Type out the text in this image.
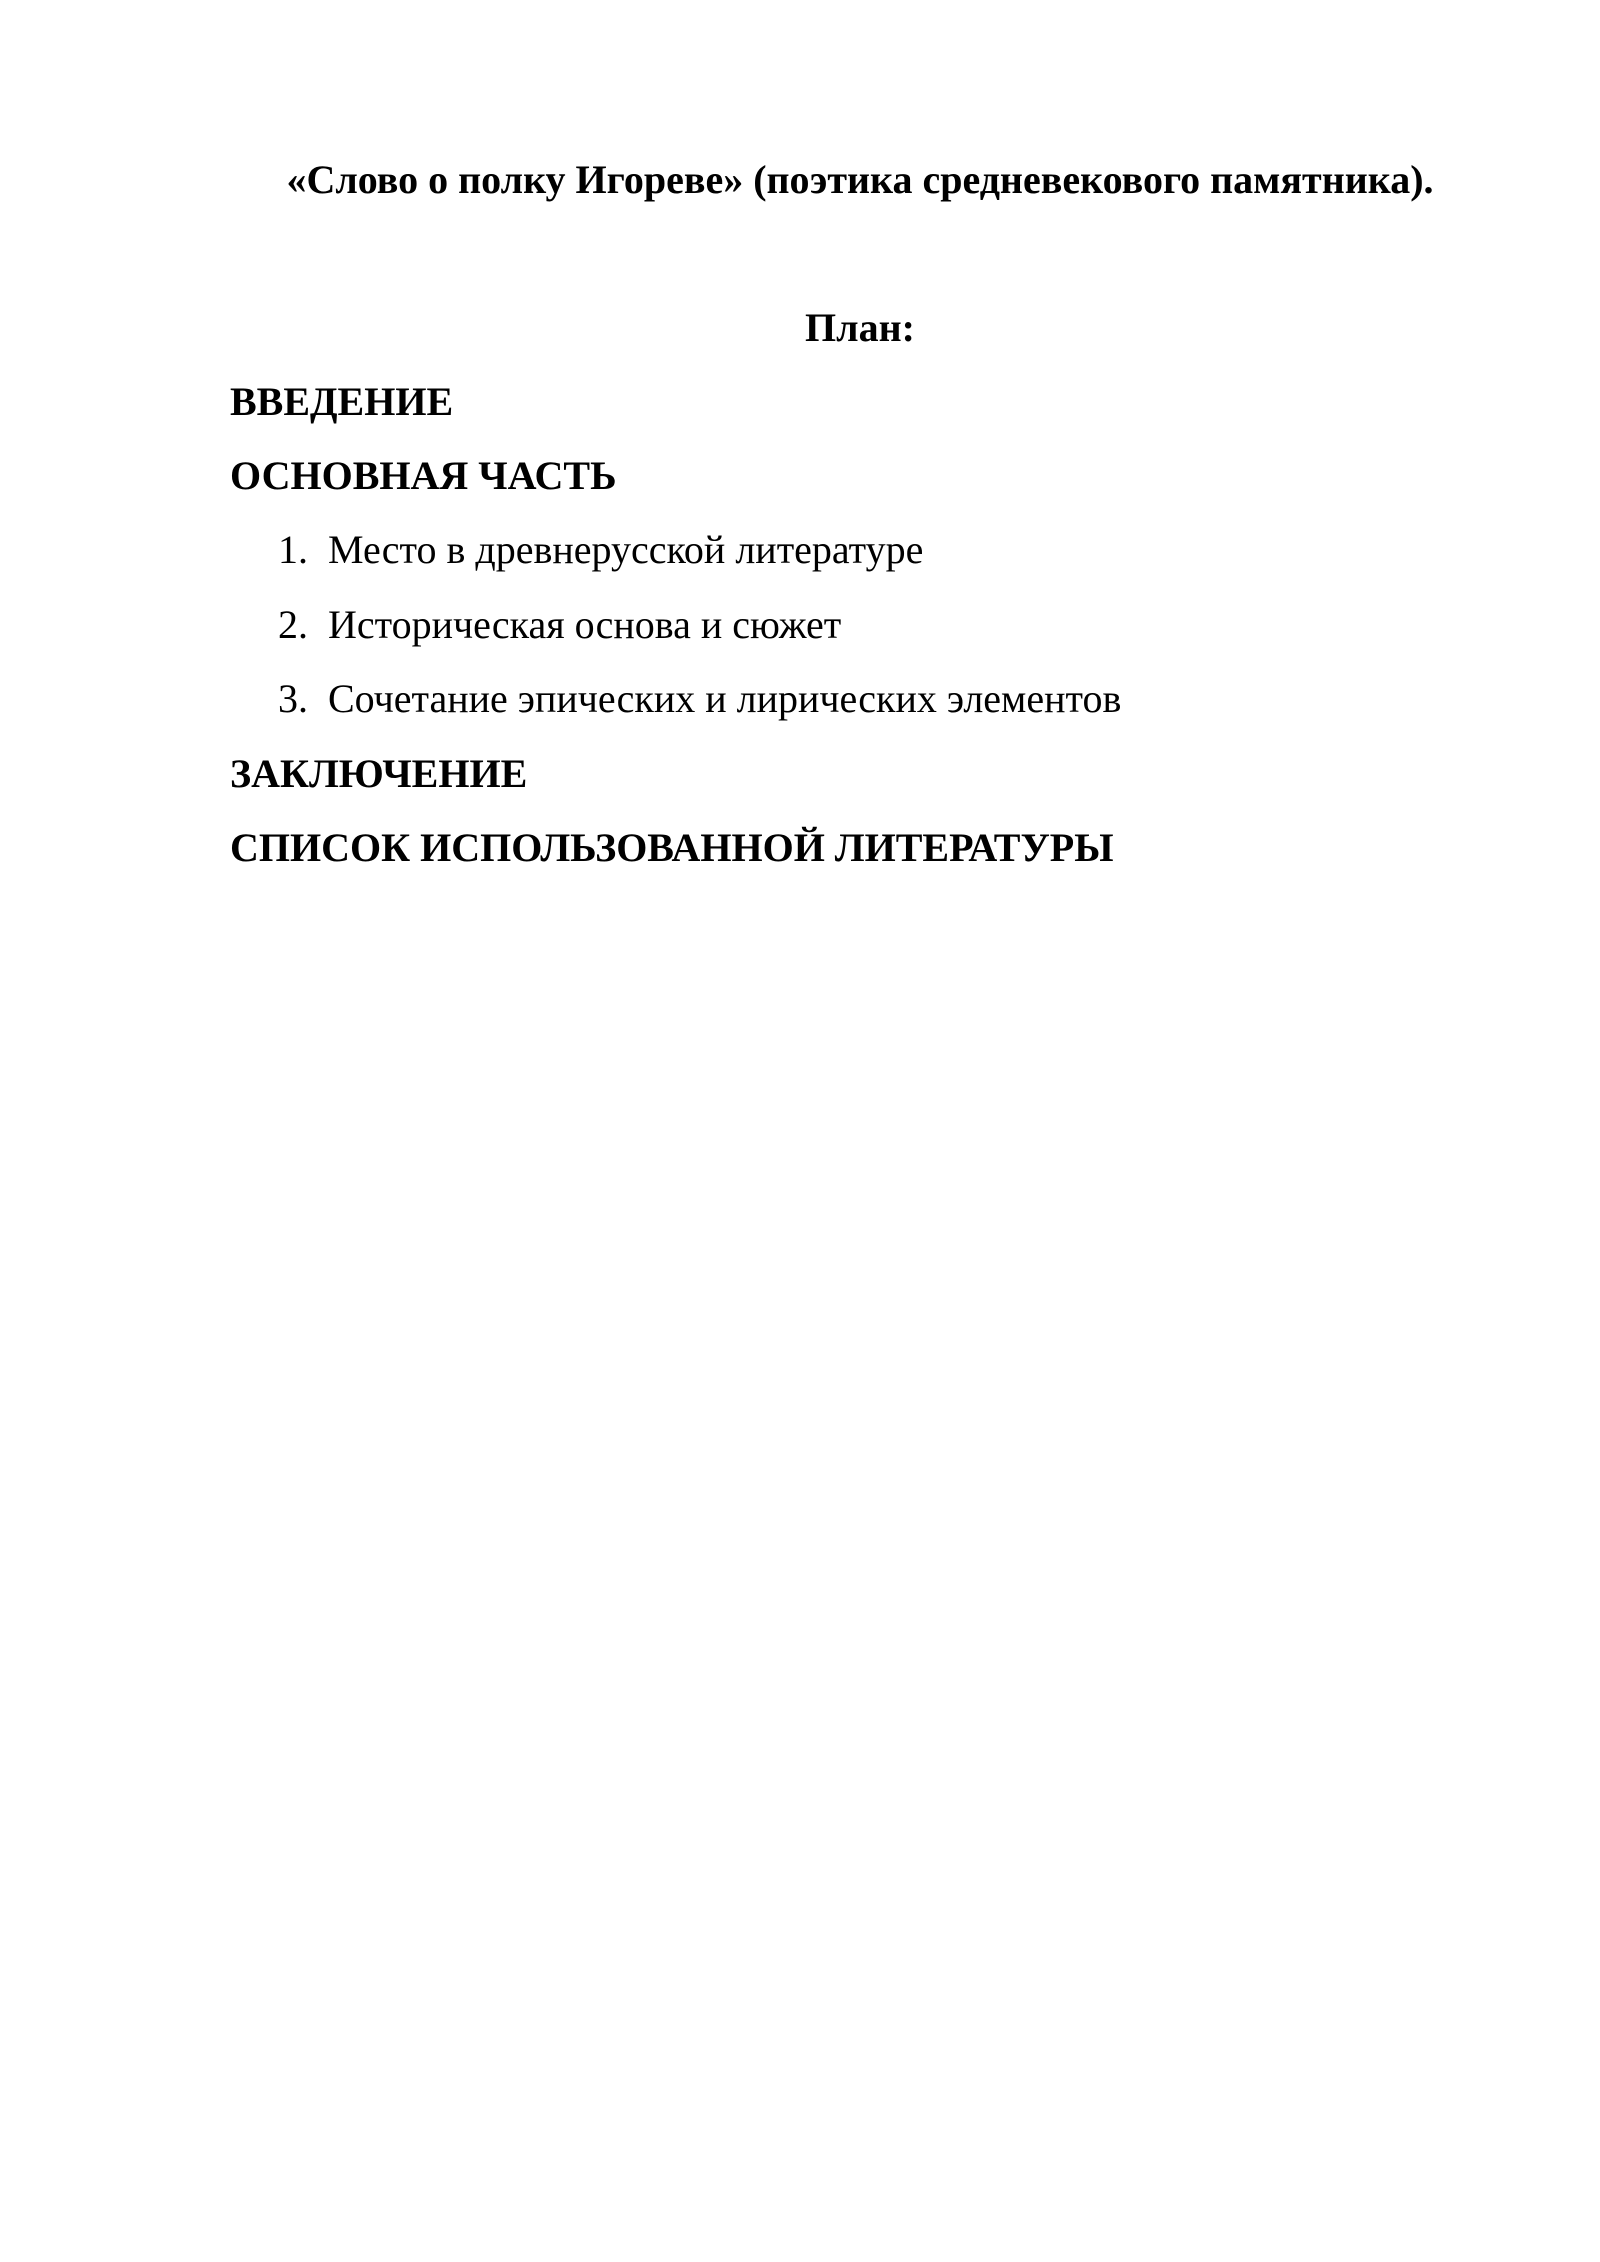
«Слово о полку Игореве» (поэтика средневекового памятника).
План:
ВВЕДЕНИЕ
ОСНОВНАЯ ЧАСТЬ
1. Место в древнерусской литературе
2. Историческая основа и сюжет
3. Сочетание эпических и лирических элементов
ЗАКЛЮЧЕНИЕ
СПИСОК ИСПОЛЬЗОВАННОЙ ЛИТЕРАТУРЫ
